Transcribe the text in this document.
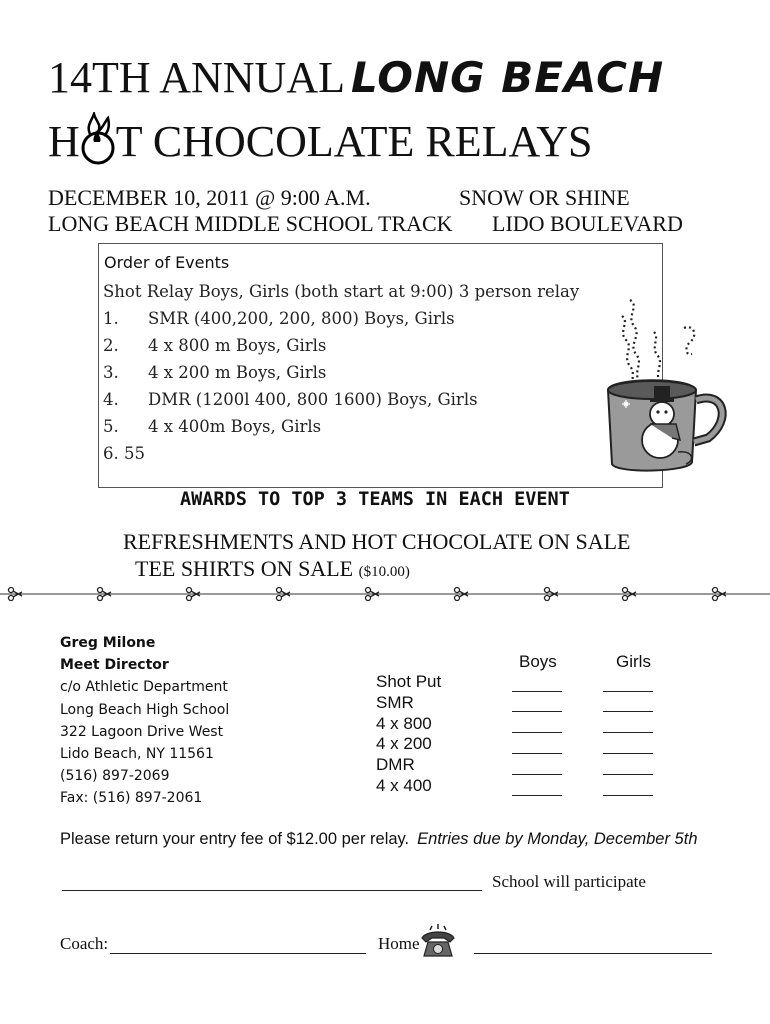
14TH ANNUAL LONG BEACH
H T CHOCOLATE RELAYS
DECEMBER 10, 2011 @ 9:00 A.M.	SNOW OR SHINE
LONG BEACH MIDDLE SCHOOL TRACK LIDO BOULEVARD
Order of Events
Shot Relay Boys, Girls (both start at 9:00) 3 person relay
1. SMR (400,200, 200, 800) Boys, Girls
2. 4 x 800 m Boys, Girls
3. 4 x 200 m Boys, Girls
4. DMR (1200l 400, 800 1600) Boys, Girls
5. 4 x 400m Boys, Girls
6. 55
AWARDS TO TOP 3 TEAMS IN EACH EVENT
REFRESHMENTS AND HOT CHOCOLATE ON SALE
TEE SHIRTS ON SALE ($10.00)
Greg Milone
Meet Director
c/o Athletic Department
Long Beach High School
322 Lagoon Drive West
Lido Beach, NY 11561
(516) 897-2069
Fax: (516) 897-2061
Boys	Girls
Shot Put
SMR
4 x 800
4 x 200
DMR
4 x 400
Please return your entry fee of $12.00 per relay. Entries due by Monday, December 5th
School will participate
Coach:	Home
